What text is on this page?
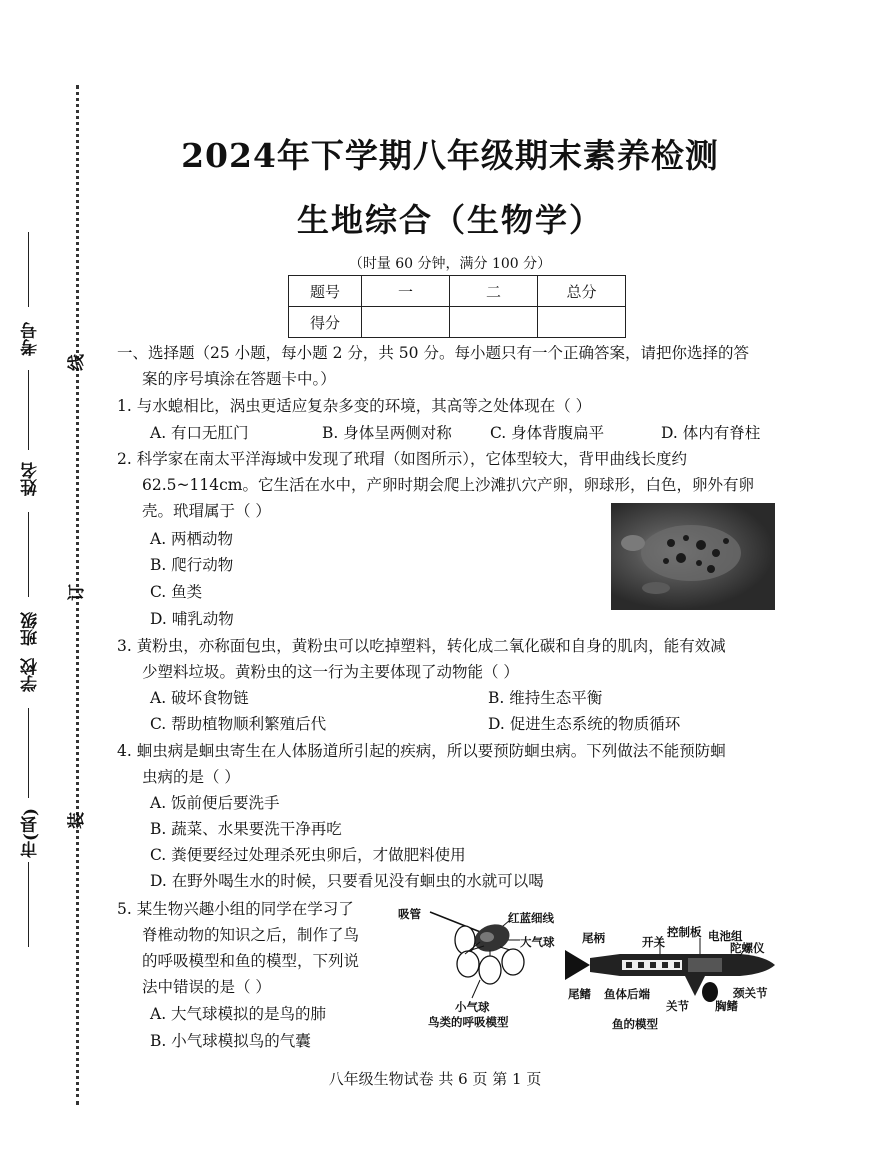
考号
姓名
班级
学校
市(县)
线
订
装
2024年下学期八年级期末素养检测
生地综合（生物学）
（时量 60 分钟，满分 100 分）
题号	一	二	总分
得分			
一、选择题（25 小题，每小题 2 分，共 50 分。每小题只有一个正确答案，请把你选择的答
案的序号填涂在答题卡中。）
1. 与水螅相比，涡虫更适应复杂多变的环境，其高等之处体现在（ ）
A. 有口无肛门	B. 身体呈两侧对称 C. 身体背腹扁平	D. 体内有脊柱
2. 科学家在南太平洋海域中发现了玳瑁（如图所示），它体型较大，背甲曲线长度约
62.5~114cm。它生活在水中，产卵时期会爬上沙滩扒穴产卵，卵球形，白色，卵外有卵
壳。玳瑁属于（ ）
A. 两栖动物
B. 爬行动物
C. 鱼类
D. 哺乳动物
3. 黄粉虫，亦称面包虫，黄粉虫可以吃掉塑料，转化成二氧化碳和自身的肌肉，能有效减
少塑料垃圾。黄粉虫的这一行为主要体现了动物能（ ）
A. 破坏食物链	B. 维持生态平衡
C. 帮助植物顺利繁殖后代	D. 促进生态系统的物质循环
4. 蛔虫病是蛔虫寄生在人体肠道所引起的疾病，所以要预防蛔虫病。下列做法不能预防蛔
虫病的是（ ）
A. 饭前便后要洗手
B. 蔬菜、水果要洗干净再吃
C. 粪便要经过处理杀死虫卵后，才做肥料使用
D. 在野外喝生水的时候，只要看见没有蛔虫的水就可以喝
5. 某生物兴趣小组的同学在学习了
脊椎动物的知识之后，制作了鸟
的呼吸模型和鱼的模型，下列说
法中错误的是（ ）
A. 大气球模拟的是鸟的肺
B. 小气球模拟鸟的气囊
吸管	红蓝细线
大气球
小气球
鸟类的呼吸模型
尾柄	开关
控制板 电池组
陀螺仪
尾鳍 鱼体后端
关节 胸鳍
颈关节
鱼的模型
八年级生物试卷 共 6 页 第 1 页
